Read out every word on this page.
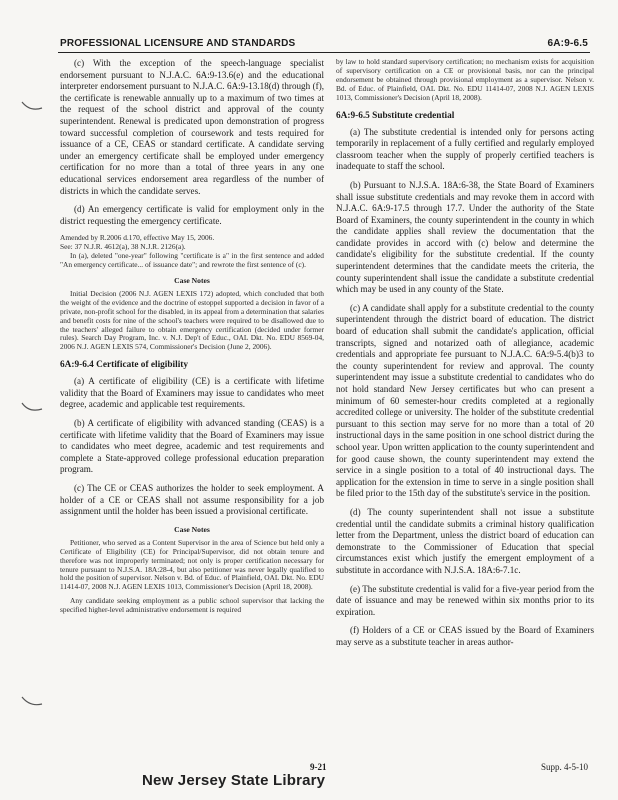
PROFESSIONAL LICENSURE AND STANDARDS	6A:9-6.5

(c) With the exception of the speech-language specialist endorsement pursuant to N.J.A.C. 6A:9-13.6(e) and the educational interpreter endorsement pursuant to N.J.A.C. 6A:9-13.18(d) through (f), the certificate is renewable annually up to a maximum of two times at the request of the school district and approval of the county superintendent. Renewal is predicated upon demonstration of progress toward successful completion of coursework and tests required for issuance of a CE, CEAS or standard certificate. A candidate serving under an emergency certificate shall be employed under emergency certification for no more than a total of three years in any one educational services endorsement area regardless of the number of districts in which the candidate serves.

(d) An emergency certificate is valid for employment only in the district requesting the emergency certificate.

Amended by R.2006 d.170, effective May 15, 2006.
See: 37 N.J.R. 4612(a), 38 N.J.R. 2126(a).
In (a), deleted "one-year" following "certificate is a" in the first sentence and added "An emergency certificate... of issuance date"; and rewrote the first sentence of (c).
Case Notes

Initial Decision (2006 N.J. AGEN LEXIS 172) adopted, which concluded that both the weight of the evidence and the doctrine of estoppel supported a decision in favor of a private, non-profit school for the disabled, in its appeal from a determination that salaries and benefit costs for nine of the school's teachers were required to be disallowed due to the teachers' alleged failure to obtain emergency certification (decided under former rules). Search Day Program, Inc. v. N.J. Dep't of Educ., OAL Dkt. No. EDU 8569-04, 2006 N.J. AGEN LEXIS 574, Commissioner's Decision (June 2, 2006).

6A:9-6.4 Certificate of eligibility

(a) A certificate of eligibility (CE) is a certificate with lifetime validity that the Board of Examiners may issue to candidates who meet degree, academic and applicable test requirements.

(b) A certificate of eligibility with advanced standing (CEAS) is a certificate with lifetime validity that the Board of Examiners may issue to candidates who meet degree, academic and test requirements and complete a State-approved college professional education preparation program.

(c) The CE or CEAS authorizes the holder to seek employment. A holder of a CE or CEAS shall not assume responsibility for a job assignment until the holder has been issued a provisional certificate.

Case Notes

Petitioner, who served as a Content Supervisor in the area of Science but held only a Certificate of Eligibility (CE) for Principal/Supervisor, did not obtain tenure and therefore was not improperly terminated; not only is proper certification necessary for tenure pursuant to N.J.S.A. 18A:28-4, but also petitioner was never legally qualified to hold the position of supervisor. Nelson v. Bd. of Educ. of Plainfield, OAL Dkt. No. EDU 11414-07, 2008 N.J. AGEN LEXIS 1013, Commissioner's Decision (April 18, 2008).

Any candidate seeking employment as a public school supervisor that lacking the specified higher-level administrative endorsement is required

by law to hold standard supervisory certification; no mechanism exists for acquisition of supervisory certification on a CE or provisional basis, nor can the principal endorsement be obtained through provisional employment as a supervisor. Nelson v. Bd. of Educ. of Plainfield, OAL Dkt. No. EDU 11414-07, 2008 N.J. AGEN LEXIS 1013, Commissioner's Decision (April 18, 2008).

6A:9-6.5 Substitute credential

(a) The substitute credential is intended only for persons acting temporarily in replacement of a fully certified and regularly employed classroom teacher when the supply of properly certified teachers is inadequate to staff the school.

(b) Pursuant to N.J.S.A. 18A:6-38, the State Board of Examiners shall issue substitute credentials and may revoke them in accord with N.J.A.C. 6A:9-17.5 through 17.7. Under the authority of the State Board of Examiners, the county superintendent in the county in which the candidate applies shall review the documentation that the candidate provides in accord with (c) below and determine the candidate's eligibility for the substitute credential. If the county superintendent determines that the candidate meets the criteria, the county superintendent shall issue the candidate a substitute credential which may be used in any county of the State.

(c) A candidate shall apply for a substitute credential to the county superintendent through the district board of education. The district board of education shall submit the candidate's application, official transcripts, signed and notarized oath of allegiance, academic credentials and appropriate fee pursuant to N.J.A.C. 6A:9-5.4(b)3 to the county superintendent for review and approval. The county superintendent may issue a substitute credential to candidates who do not hold standard New Jersey certificates but who can present a minimum of 60 semester-hour credits completed at a regionally accredited college or university. The holder of the substitute credential pursuant to this section may serve for no more than a total of 20 instructional days in the same position in one school district during the school year. Upon written application to the county superintendent and for good cause shown, the county superintendent may extend the service in a single position to a total of 40 instructional days. The application for the extension in time to serve in a single position shall be filed prior to the 15th day of the substitute's service in the position.

(d) The county superintendent shall not issue a substitute credential until the candidate submits a criminal history qualification letter from the Department, unless the district board of education can demonstrate to the Commissioner of Education that special circumstances exist which justify the emergent employment of a substitute in accordance with N.J.S.A. 18A:6-7.1c.

(e) The substitute credential is valid for a five-year period from the date of issuance and may be renewed within six months prior to its expiration.

(f) Holders of a CE or CEAS issued by the Board of Examiners may serve as a substitute teacher in areas author-

9-21	Supp. 4-5-10
New Jersey State Library
